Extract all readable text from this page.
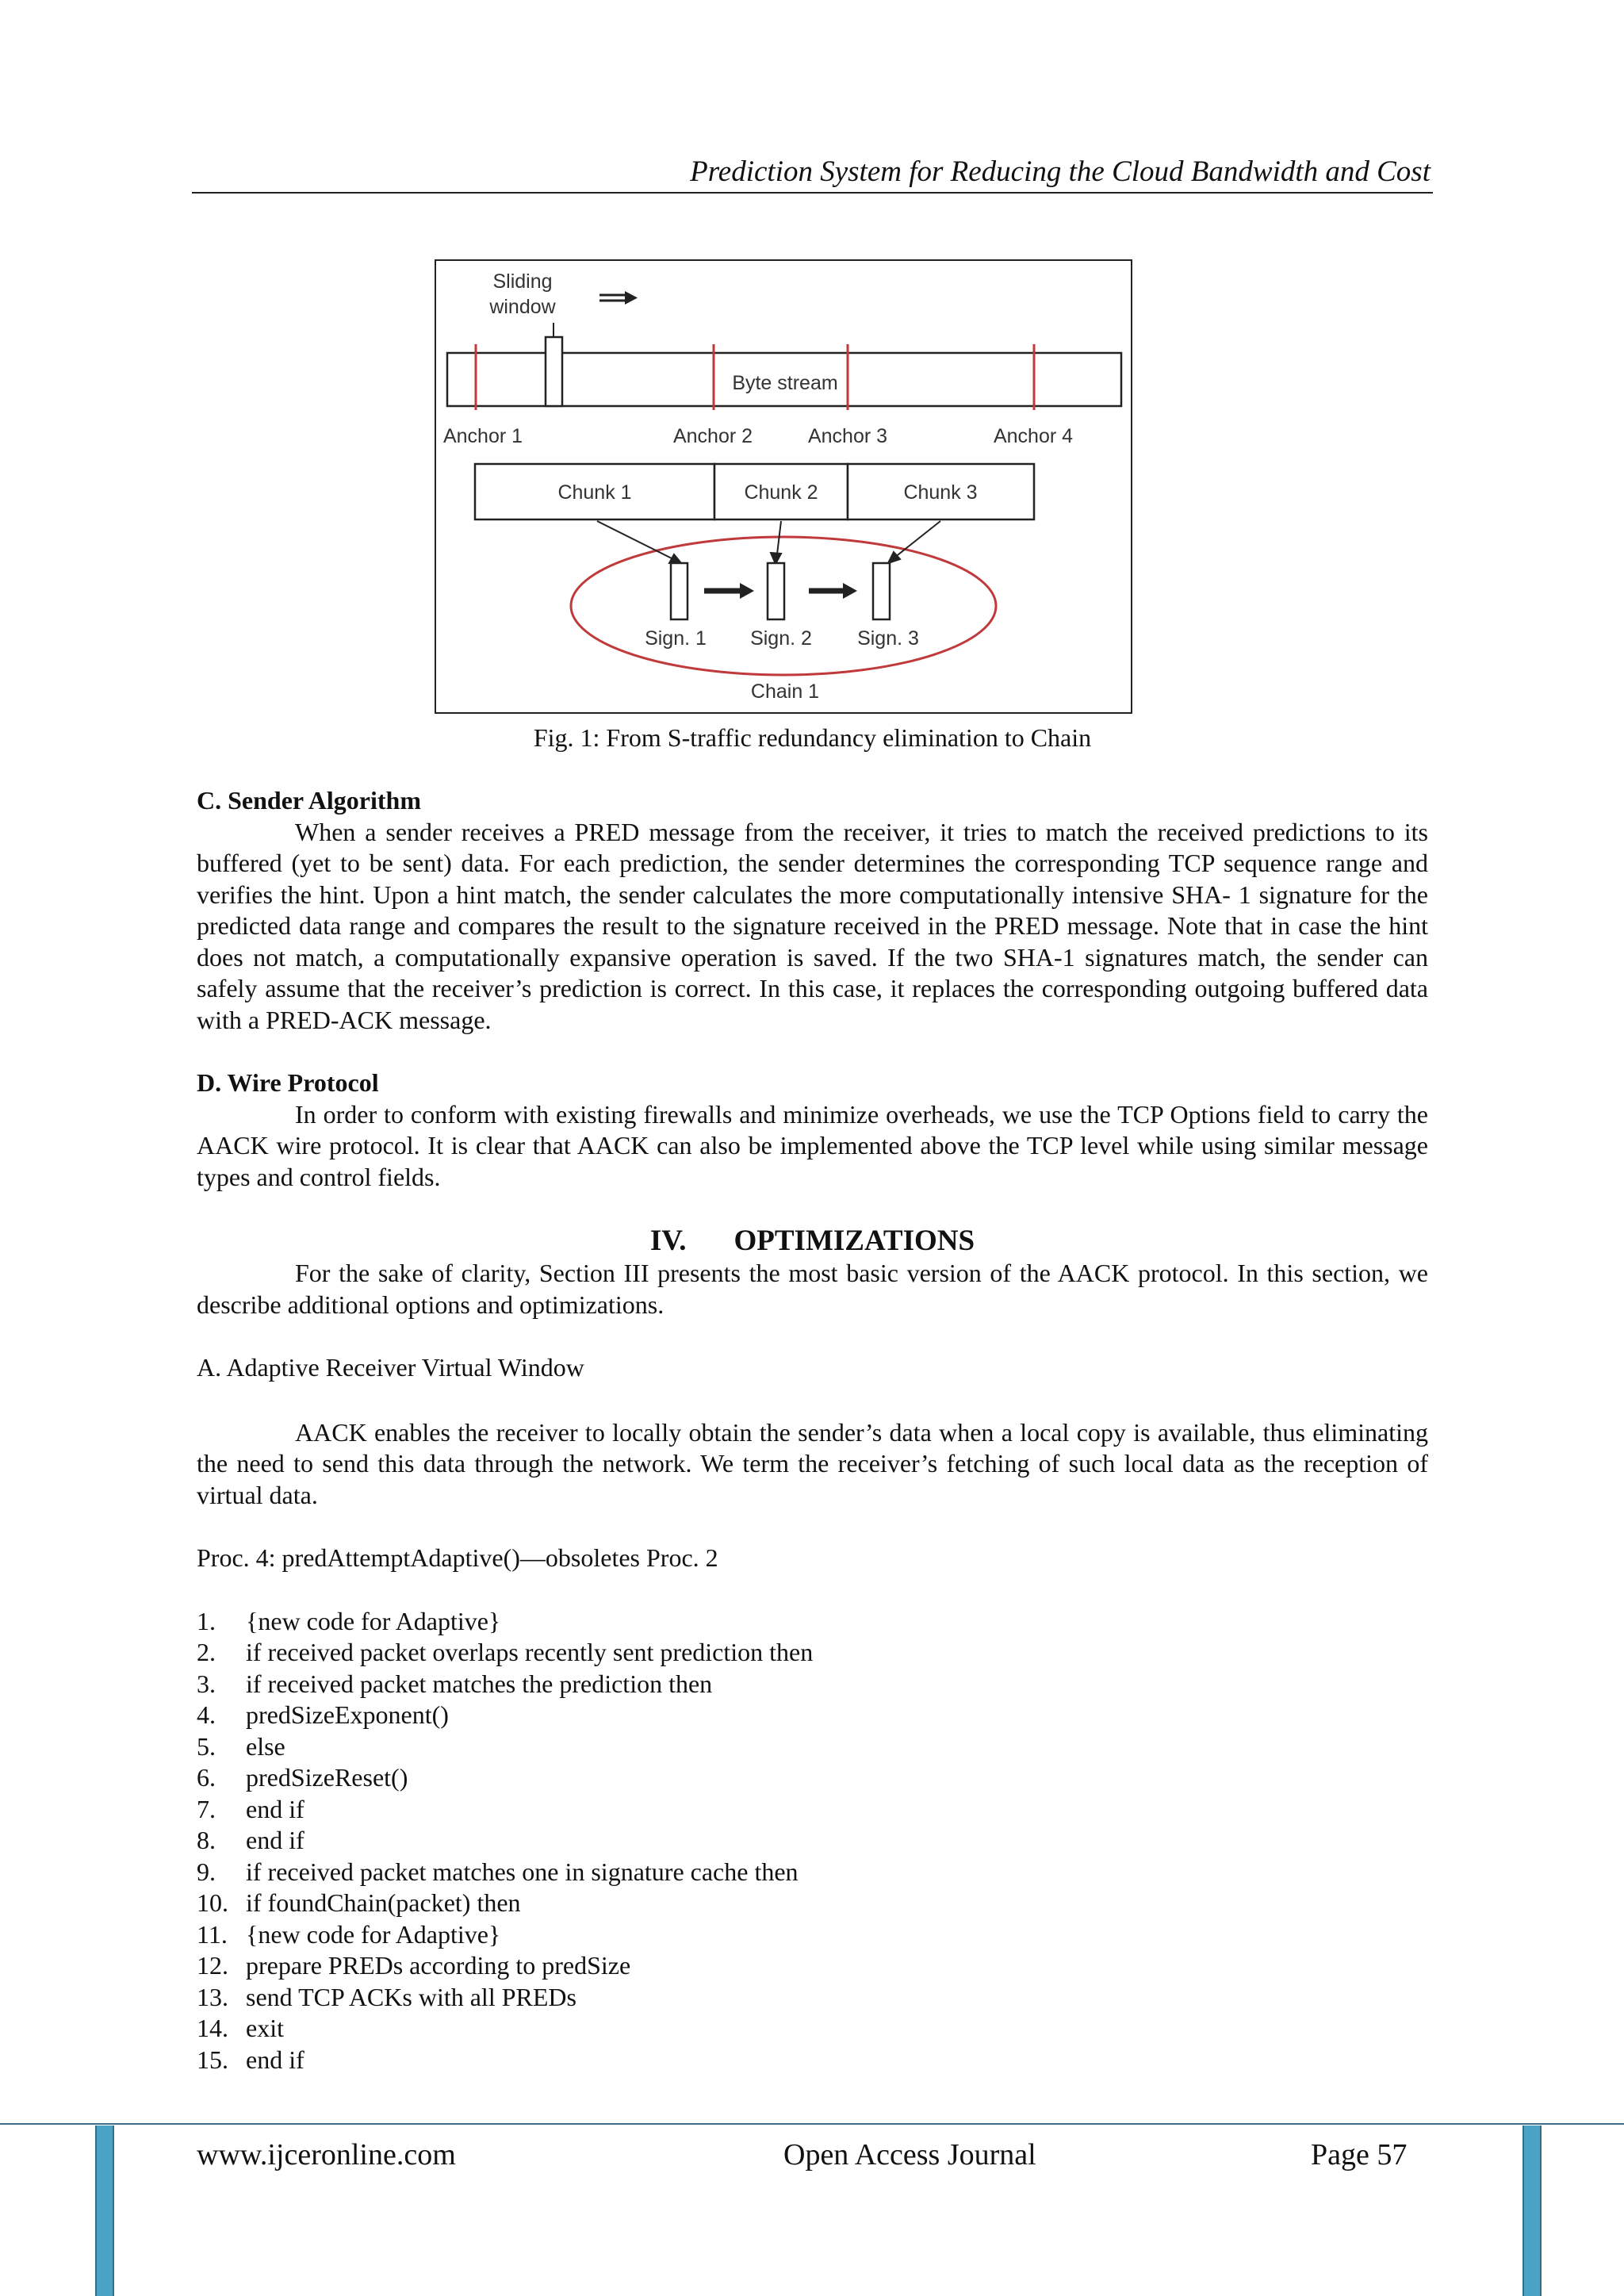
Prediction System for Reducing the Cloud Bandwidth and Cost
Sliding
window
Byte stream
Anchor 1	Anchor 2	Anchor 3	Anchor 4
Chunk 1	Chunk 2	Chunk 3
Sign. 1 Sign. 2 Sign. 3
Chain 1
Fig. 1: From S-traffic redundancy elimination to Chain

C. Sender Algorithm

When a sender receives a PRED message from the receiver, it tries to match the received predictions to its buffered (yet to be sent) data. For each prediction, the sender determines the corresponding TCP sequence range and verifies the hint. Upon a hint match, the sender calculates the more computationally intensive SHA- 1 signature for the predicted data range and compares the result to the signature received in the PRED message. Note that in case the hint does not match, a computationally expansive operation is saved. If the two SHA-1 signatures match, the sender can safely assume that the receiver’s prediction is correct. In this case, it replaces the corresponding outgoing buffered data with a PRED-ACK message.

D. Wire Protocol

In order to conform with existing firewalls and minimize overheads, we use the TCP Options field to carry the AACK wire protocol. It is clear that AACK can also be implemented above the TCP level while using similar message types and control fields.

IV. OPTIMIZATIONS

For the sake of clarity, Section III presents the most basic version of the AACK protocol. In this section, we describe additional options and optimizations.

A. Adaptive Receiver Virtual Window

AACK enables the receiver to locally obtain the sender’s data when a local copy is available, thus eliminating the need to send this data through the network. We term the receiver’s fetching of such local data as the reception of virtual data.

Proc. 4: predAttemptAdaptive()—obsoletes Proc. 2

1.	{new code for Adaptive}
2.	if received packet overlaps recently sent prediction then
3.	if received packet matches the prediction then
4.	predSizeExponent()
5.	else
6.	predSizeReset()
7.	end if
8.	end if
9.	if received packet matches one in signature cache then
10. if foundChain(packet) then
11. {new code for Adaptive}
12. prepare PREDs according to predSize
13. send TCP ACKs with all PREDs
14. exit
15. end if
www.ijceronline.com	Open Access Journal	Page 57
